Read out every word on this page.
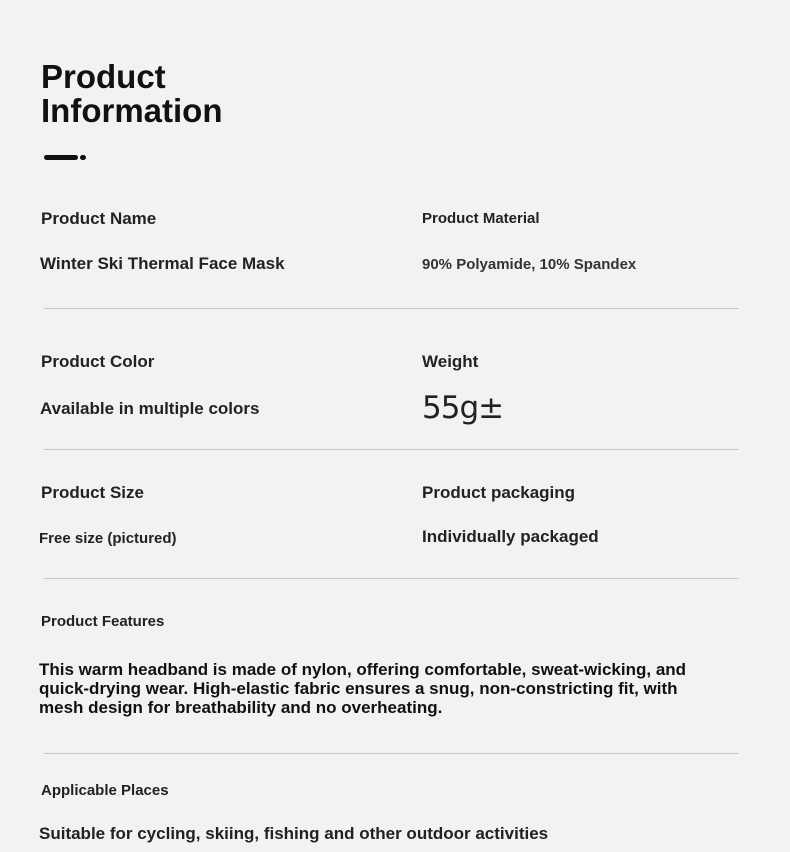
Product
Information
Product Name
Winter Ski Thermal Face Mask
Product Material
90% Polyamide, 10% Spandex
Product Color
Available in multiple colors
Weight
55g±
Product Size
Free size (pictured)
Product packaging
Individually packaged
Product Features
This warm headband is made of nylon, offering comfortable, sweat-wicking, and quick-drying wear. High-elastic fabric ensures a snug, non-constricting fit, with mesh design for breathability and no overheating.
Applicable Places
Suitable for cycling, skiing, fishing and other outdoor activities
